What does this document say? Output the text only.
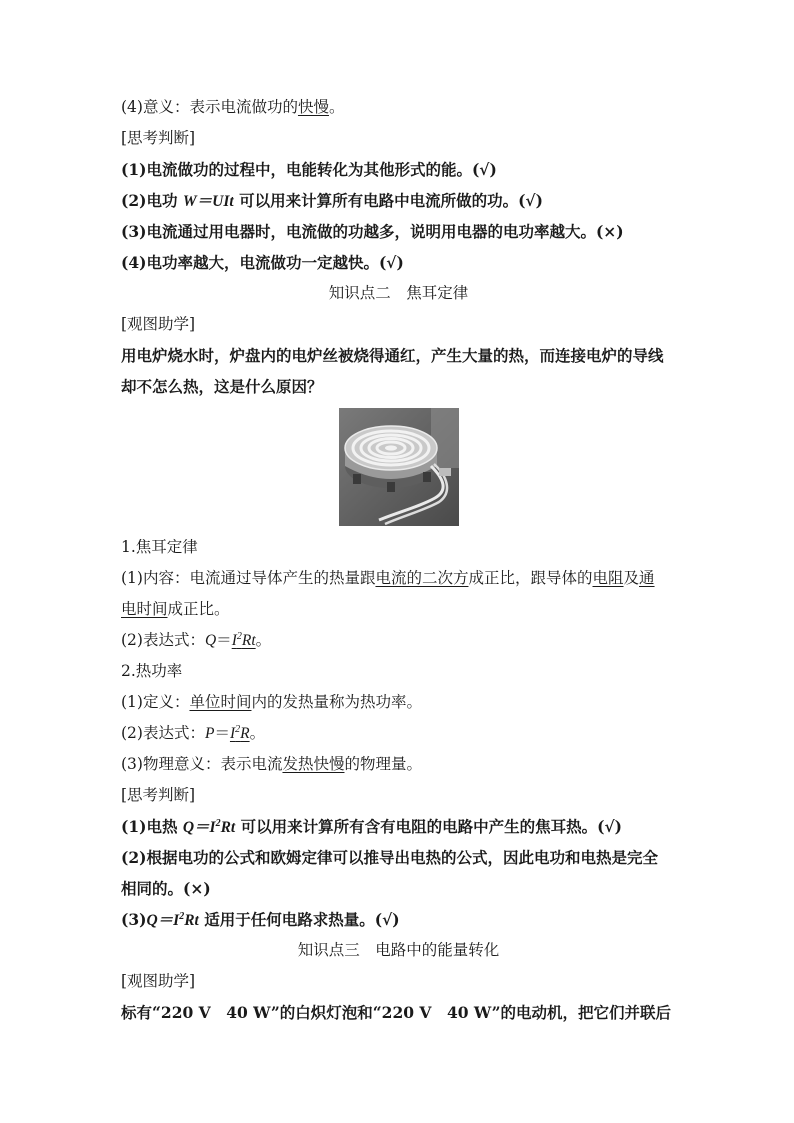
(4)意义：表示电流做功的快慢。
[思考判断]
(1)电流做功的过程中，电能转化为其他形式的能。(√)
(2)电功 W＝UIt 可以用来计算所有电路中电流所做的功。(√)
(3)电流通过用电器时，电流做的功越多，说明用电器的电功率越大。(×)
(4)电功率越大，电流做功一定越快。(√)
知识点二　焦耳定律
[观图助学]
用电炉烧水时，炉盘内的电炉丝被烧得通红，产生大量的热，而连接电炉的导线
却不怎么热，这是什么原因？
1.焦耳定律
(1)内容：电流通过导体产生的热量跟电流的二次方成正比，跟导体的电阻及通
电时间成正比。
(2)表达式：$Q=I^2Rt$。
2.热功率
(1)定义：单位时间内的发热量称为热功率。
(2)表达式：$P=I^2R$。
(3)物理意义：表示电流发热快慢的物理量。
[思考判断]
(1)电热 $Q=I^2Rt$ 可以用来计算所有含有电阻的电路中产生的焦耳热。(√)
(2)根据电功的公式和欧姆定律可以推导出电热的公式，因此电功和电热是完全
相同的。(×)
$(3)Q=I^2Rt$ 适用于任何电路求热量。(√)
知识点三　电路中的能量转化
[观图助学]
标有“220 V　40 W”的白炽灯泡和“220 V　40 W”的电动机，把它们并联后
